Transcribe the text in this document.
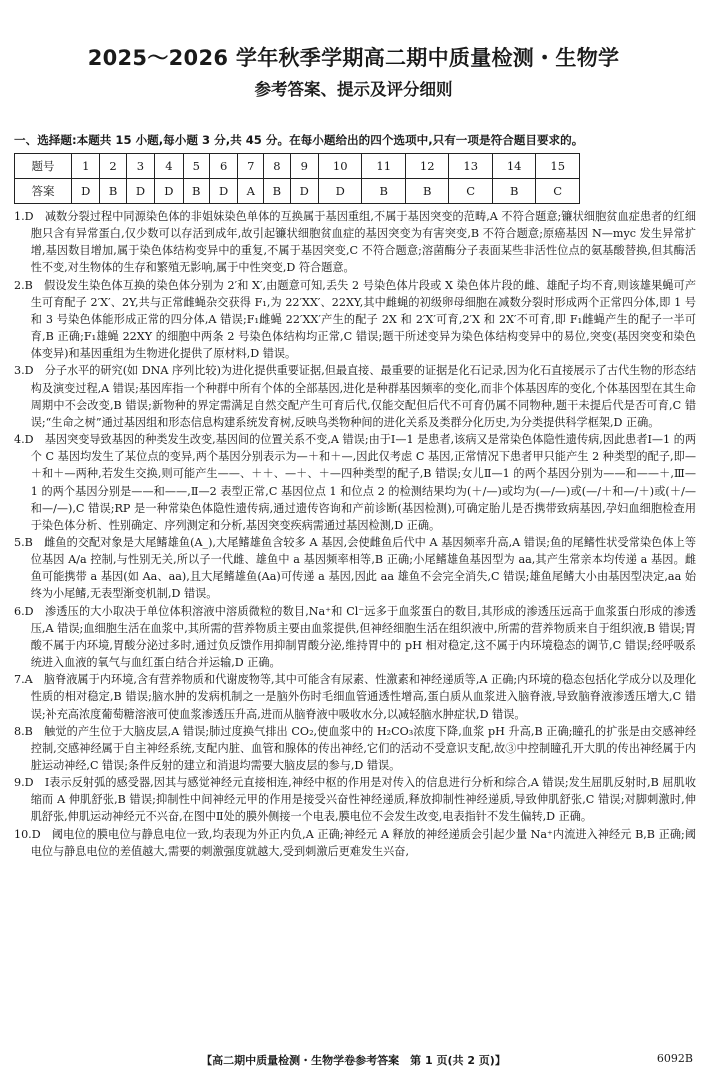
2025～2026 学年秋季学期高二期中质量检测・生物学
参考答案、提示及评分细则
一、选择题:本题共 15 小题,每小题 3 分,共 45 分。在每小题给出的四个选项中,只有一项是符合题目要求的。
题号	1	2	3	4	5	6	7	8	9	10	11	12	13	14	15
答案	D	B	D	D	B	D	A	B	D	D	B	B	C	B	C

1.D　减数分裂过程中同源染色体的非姐妹染色单体的互换属于基因重组,不属于基因突变的范畴,A 不符合题意;镰状细胞贫血症患者的红细胞只含有异常蛋白,仅少数可以存活到成年,故引起镰状细胞贫血症的基因突变为有害突变,B 不符合题意;原癌基因 N—myc 发生异常扩增,基因数目增加,属于染色体结构变异中的重复,不属于基因突变,C 不符合题意;溶菌酶分子表面某些非活性位点的氨基酸替换,但其酶活性不变,对生物体的生存和繁殖无影响,属于中性突变,D 符合题意。

2.B　假设发生染色体互换的染色体分别为 2′和 X′,由题意可知,丢失 2 号染色体片段或 X 染色体片段的雌、雄配子均不育,则该雄果蝇可产生可育配子 2′X′、2Y,共与正常雌蝇杂交获得 F₁,为 22′XX′、22XY,其中雌蝇的初级卵母细胞在减数分裂时形成两个正常四分体,即 1 号和 3 号染色体能形成正常的四分体,A 错误;F₁雌蝇 22′XX′产生的配子 2X 和 2′X′可育,2′X 和 2X′不可育,即 F₁雌蝇产生的配子一半可育,B 正确;F₁雄蝇 22XY 的细胞中两条 2 号染色体结构均正常,C 错误;题干所述变异为染色体结构变异中的易位,突变(基因突变和染色体变异)和基因重组为生物进化提供了原材料,D 错误。

3.D　分子水平的研究(如 DNA 序列比较)为进化提供重要证据,但最直接、最重要的证据是化石记录,因为化石直接展示了古代生物的形态结构及演变过程,A 错误;基因库指一个种群中所有个体的全部基因,进化是种群基因频率的变化,而非个体基因库的变化,个体基因型在其生命周期中不会改变,B 错误;新物种的界定需满足自然交配产生可育后代,仅能交配但后代不可育仍属不同物种,题干未提后代是否可育,C 错误;“生命之树”通过基因组和形态信息构建系统发育树,反映鸟类物种间的进化关系及类群分化历史,为分类提供科学框架,D 正确。

4.D　基因突变导致基因的种类发生改变,基因间的位置关系不变,A 错误;由于Ⅰ—1 是患者,该病又是常染色体隐性遗传病,因此患者Ⅰ—1 的两个 C 基因均发生了某位点的变异,两个基因分别表示为—＋和＋—,因此仅考虑 C 基因,正常情况下患者甲只能产生 2 种类型的配子,即—＋和＋—两种,若发生交换,则可能产生——、＋＋、—＋、＋—四种类型的配子,B 错误;女儿Ⅱ—1 的两个基因分别为——和——＋,Ⅲ—1 的两个基因分别是——和——,Ⅱ—2 表型正常,C 基因位点 1 和位点 2 的检测结果均为(＋/—)或均为(—/—)或(—/＋和—/＋)或(＋/—和—/—),C 错误;RP 是一种常染色体隐性遗传病,通过遗传咨询和产前诊断(基因检测),可确定胎儿是否携带致病基因,孕妇血细胞检查用于染色体分析、性别确定、序列测定和分析,基因突变疾病需通过基因检测,D 正确。

5.B　雌鱼的交配对象是大尾鳍雄鱼(A_),大尾鳍雄鱼含较多 A 基因,会使雌鱼后代中 A 基因频率升高,A 错误;鱼的尾鳍性状受常染色体上等位基因 A/a 控制,与性别无关,所以子一代雌、雄鱼中 a 基因频率相等,B 正确;小尾鳍雄鱼基因型为 aa,其产生常亲本均传递 a 基因。雌鱼可能携带 a 基因(如 Aa、aa),且大尾鳍雄鱼(Aa)可传递 a 基因,因此 aa 雄鱼不会完全消失,C 错误;雄鱼尾鳍大小由基因型决定,aa 始终为小尾鳍,无表型渐变机制,D 错误。

6.D　渗透压的大小取决于单位体积溶液中溶质微粒的数目,Na⁺和 Cl⁻远多于血浆蛋白的数目,其形成的渗透压远高于血浆蛋白形成的渗透压,A 错误;血细胞生活在血浆中,其所需的营养物质主要由血浆提供,但神经细胞生活在组织液中,所需的营养物质来自于组织液,B 错误;胃酸不属于内环境,胃酸分泌过多时,通过负反馈作用抑制胃酸分泌,维持胃中的 pH 相对稳定,这不属于内环境稳态的调节,C 错误;经呼吸系统进入血液的氧气与血红蛋白结合并运输,D 正确。

7.A　脑脊液属于内环境,含有营养物质和代谢废物等,其中可能含有尿素、性激素和神经递质等,A 正确;内环境的稳态包括化学成分以及理化性质的相对稳定,B 错误;脑水肿的发病机制之一是脑外伤时毛细血管通透性增高,蛋白质从血浆进入脑脊液,导致脑脊液渗透压增大,C 错误;补充高浓度葡萄糖溶液可使血浆渗透压升高,进而从脑脊液中吸收水分,以减轻脑水肿症状,D 错误。

8.B　触觉的产生位于大脑皮层,A 错误;肺过度换气排出 CO₂,使血浆中的 H₂CO₃浓度下降,血浆 pH 升高,B 正确;瞳孔的扩张是由交感神经控制,交感神经属于自主神经系统,支配内脏、血管和腺体的传出神经,它们的活动不受意识支配,故③中控制瞳孔开大肌的传出神经属于内脏运动神经,C 错误;条件反射的建立和消退均需要大脑皮层的参与,D 错误。

9.D　Ⅰ表示反射弧的感受器,因其与感觉神经元直接相连,神经中枢的作用是对传入的信息进行分析和综合,A 错误;发生屈肌反射时,B 屈肌收缩而 A 伸肌舒张,B 错误;抑制性中间神经元甲的作用是接受兴奋性神经递质,释放抑制性神经递质,导致伸肌舒张,C 错误;对脚刺激时,伸肌舒张,伸肌运动神经元不兴奋,在图中Ⅱ处的膜外侧接一个电表,膜电位不会发生改变,电表指针不发生偏转,D 正确。

10.D　阈电位的膜电位与静息电位一致,均表现为外正内负,A 正确;神经元 A 释放的神经递质会引起少量 Na⁺内流进入神经元 B,B 正确;阈电位与静息电位的差值越大,需要的刺激强度就越大,受到刺激后更难发生兴奋,

【高二期中质量检测・生物学卷参考答案　第 1 页(共 2 页)】	6092B
